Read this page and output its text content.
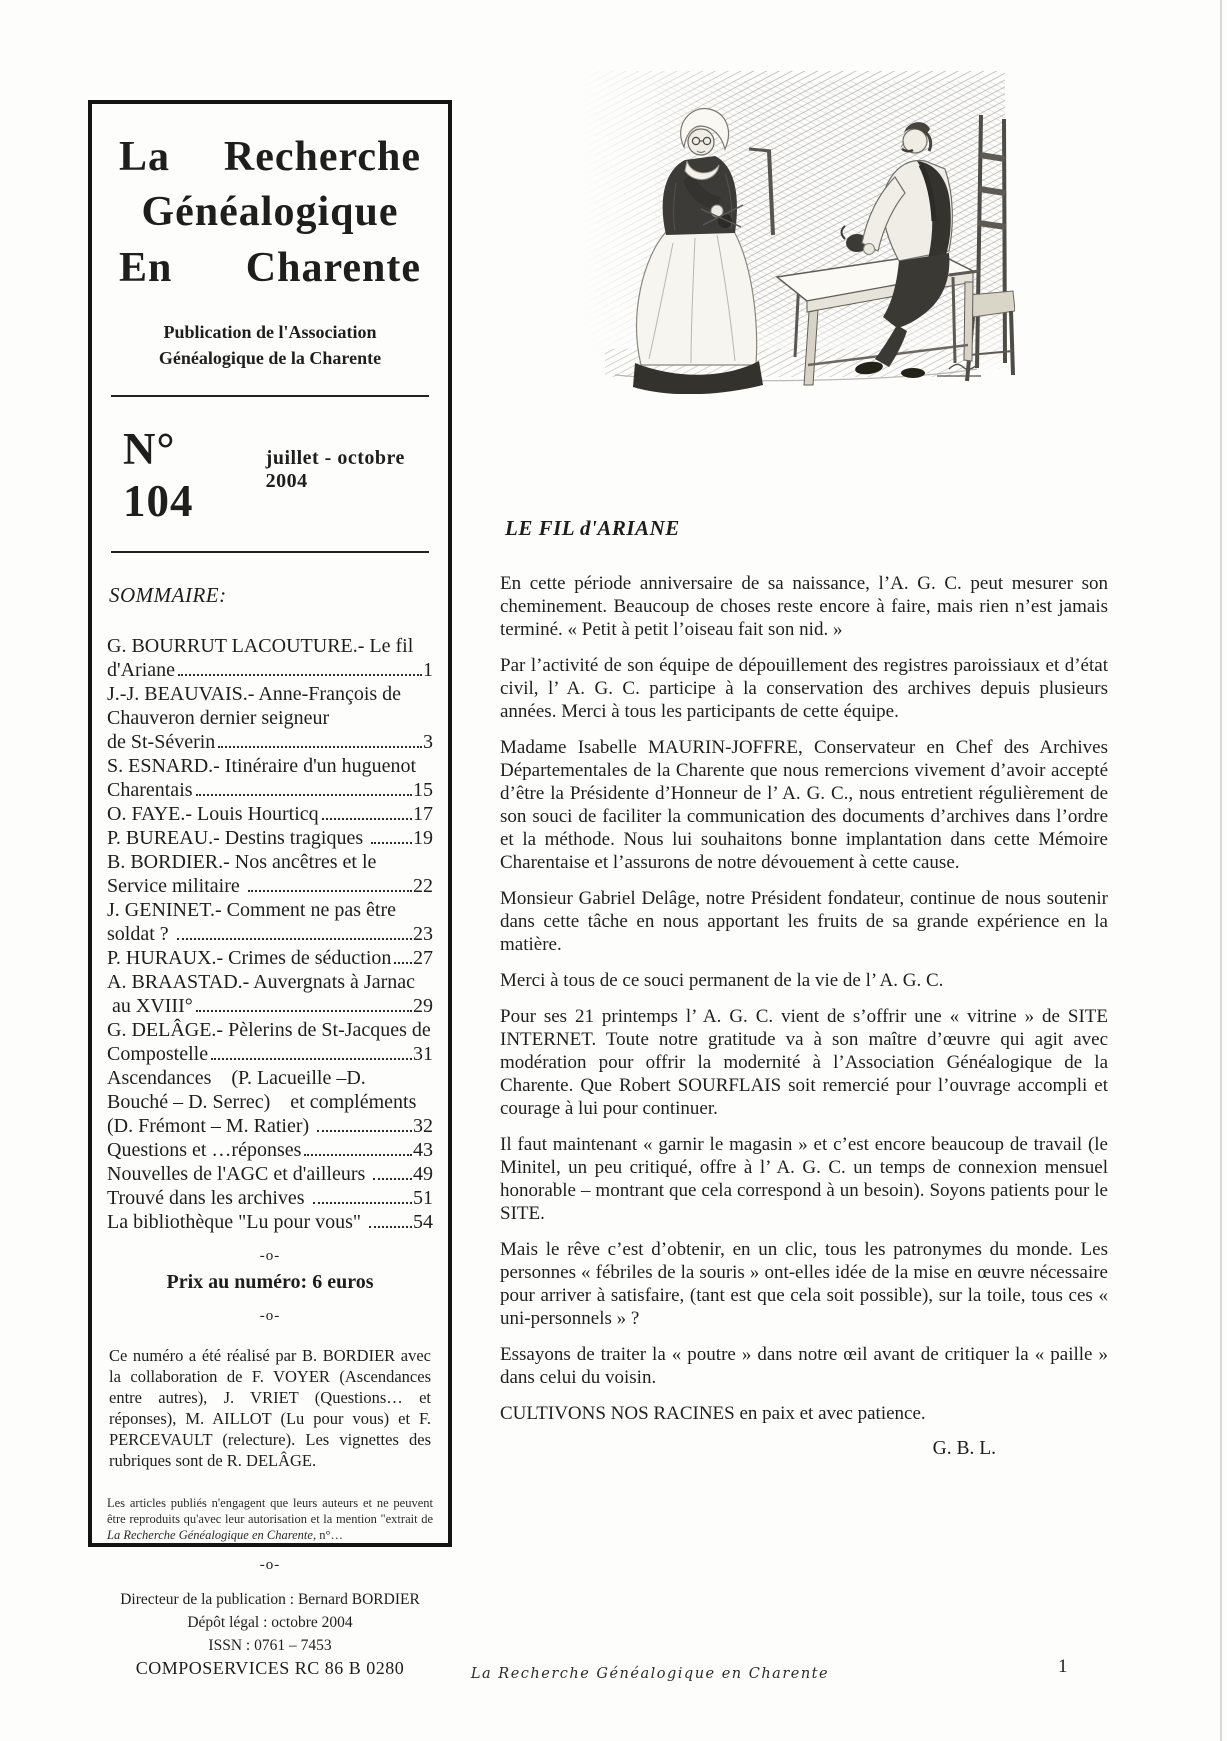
La Recherche
Généalogique
En Charente
Publication de l'Association
Généalogique de la Charente
N° 104
juillet - octobre 2004
SOMMAIRE:
G. BOURRUT LACOUTURE.- Le fil
d'Ariane	1
J.-J. BEAUVAIS.- Anne-François de
Chauveron dernier seigneur
de St-Séverin	3
S. ESNARD.- Itinéraire d'un huguenot
Charentais	15
O. FAYE.- Louis Hourticq	17
P. BUREAU.- Destins tragiques 19
B. BORDIER.- Nos ancêtres et le
Service militaire	22
J. GENINET.- Comment ne pas être
soldat ?	23
P. HURAUX.- Crimes de séduction 27
A. BRAASTAD.- Auvergnats à Jarnac
au XVIII°	29
G. DELÂGE.- Pèlerins de St-Jacques de
Compostelle	31
Ascendances    (P. Lacueille –D.
Bouché – D. Serrec)    et compléments
(D. Frémont – M. Ratier)	32
Questions et …réponses	43
Nouvelles de l'AGC et d'ailleurs 49
Trouvé dans les archives	51
La bibliothèque "Lu pour vous" 54
-o-
Prix au numéro: 6 euros
-o-
Ce numéro a été réalisé par B. BORDIER avec la collaboration de F. VOYER (Ascendances entre autres), J. VRIET (Questions… et réponses), M. AILLOT (Lu pour vous) et F. PERCEVAULT (relecture). Les vignettes des rubriques sont de R. DELÂGE.
Les articles publiés n'engagent que leurs auteurs et ne peuvent être reproduits qu'avec leur autorisation et la mention "extrait de La Recherche Généalogique en Charente, n°…
-o-
Directeur de la publication : Bernard BORDIER
Dépôt légal : octobre 2004
ISSN : 0761 – 7453
COMPOSERVICES RC 86 B 0280
LE FIL d'ARIANE

En cette période anniversaire de sa naissance, l’A. G. C. peut mesurer son cheminement. Beaucoup de choses reste encore à faire, mais rien n’est jamais terminé. « Petit à petit l’oiseau fait son nid. »

Par l’activité de son équipe de dépouillement des registres paroissiaux et d’état civil, l’ A. G. C. participe à la conservation des archives depuis plusieurs années. Merci à tous les participants de cette équipe.

Madame Isabelle MAURIN-JOFFRE, Conservateur en Chef des Archives Départementales de la Charente que nous remercions vivement d’avoir accepté d’être la Présidente d’Honneur de l’ A. G. C., nous entretient régulièrement de son souci de faciliter la communication des documents d’archives dans l’ordre et la méthode. Nous lui souhaitons bonne implantation dans cette Mémoire Charentaise et l’assurons de notre dévouement à cette cause.

Monsieur Gabriel Delâge, notre Président fondateur, continue de nous soutenir dans cette tâche en nous apportant les fruits de sa grande expérience en la matière.

Merci à tous de ce souci permanent de la vie de l’ A. G. C.

Pour ses 21 printemps l’ A. G. C. vient de s’offrir une « vitrine » de SITE INTERNET. Toute notre gratitude va à son maître d’œuvre qui agit avec modération pour offrir la modernité à l’Association Généalogique de la Charente. Que Robert SOURFLAIS soit remercié pour l’ouvrage accompli et courage à lui pour continuer.

Il faut maintenant « garnir le magasin » et c’est encore beaucoup de travail (le Minitel, un peu critiqué, offre à l’ A. G. C. un temps de connexion mensuel honorable – montrant que cela correspond à un besoin). Soyons patients pour le SITE.

Mais le rêve c’est d’obtenir, en un clic, tous les patronymes du monde. Les personnes « fébriles de la souris » ont-elles idée de la mise en œuvre nécessaire pour arriver à satisfaire, (tant est que cela soit possible), sur la toile, tous ces « uni-personnels » ?

Essayons de traiter la « poutre » dans notre œil avant de critiquer la « paille » dans celui du voisin.

CULTIVONS NOS RACINES en paix et avec patience.

G. B. L.
La Recherche Généalogique en Charente	1
